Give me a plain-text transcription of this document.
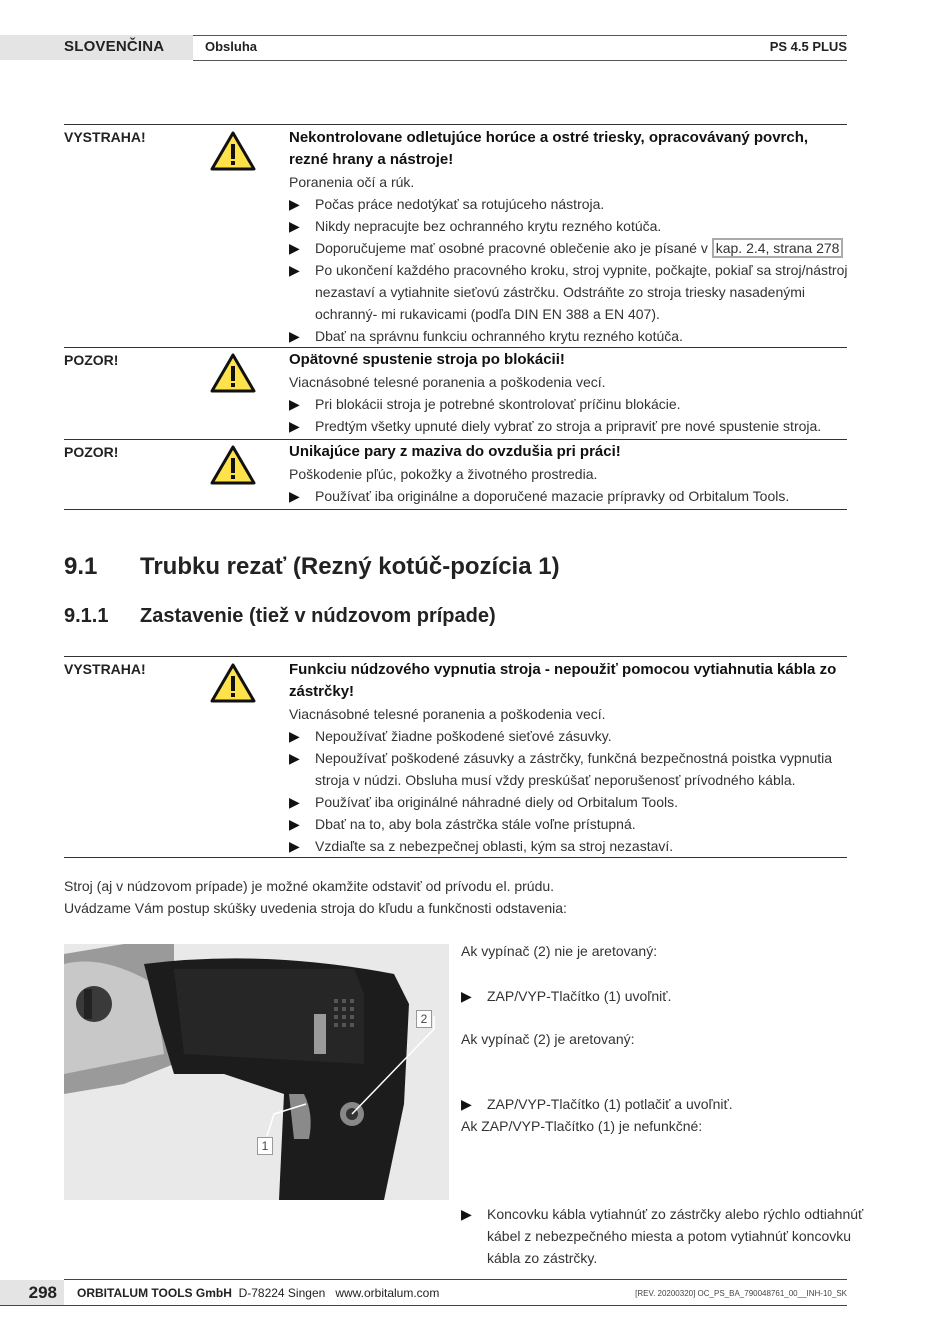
SLOVENČINA	Obsluha	PS 4.5 PLUS
VYSTRAHA!	Nekontrolovane odletujúce horúce a ostré triesky, opracovávaný povrch, rezné hrany a nástroje!
Poranenia očí a rúk.
▶ Počas práce nedotýkať sa rotujúceho nástroja.
▶ Nikdy nepracujte bez ochranného krytu rezného kotúča.
▶ Doporučujeme mať osobné pracovné oblečenie ako je písané v kap. 2.4, strana 278
▶ Po ukončení každého pracovného kroku, stroj vypnite, počkajte, pokiaľ sa stroj/nástroj nezastaví a vytiahnite sieťovú zástrčku. Odstráňte zo stroja triesky nasadenými ochranný- mi rukavicami (podľa DIN EN 388 a EN 407).
▶ Dbať na správnu funkciu ochranného krytu rezného kotúča.
POZOR!	Opätovné spustenie stroja po blokácii!
Viacnásobné telesné poranenia a poškodenia vecí.
▶ Pri blokácii stroja je potrebné skontrolovať príčinu blokácie.
▶ Predtým všetky upnuté diely vybrať zo stroja a pripraviť pre nové spustenie stroja.
POZOR!	Unikajúce pary z maziva do ovzdušia pri práci!
Poškodenie pľúc, pokožky a životného prostredia.
▶ Používať iba originálne a doporučené mazacie prípravky od Orbitalum Tools.
9.1 Trubku rezať (Rezný kotúč-pozícia 1)
9.1.1 Zastavenie (tiež v núdzovom prípade)
VYSTRAHA!	Funkciu núdzového vypnutia stroja - nepoužiť pomocou vytiahnutia kábla zo zástrčky!
Viacnásobné telesné poranenia a poškodenia vecí.
▶ Nepoužívať žiadne poškodené sieťové zásuvky.
▶ Nepoužívať poškodené zásuvky a zástrčky, funkčná bezpečnostná poistka vypnutia stroja v núdzi. Obsluha musí vždy preskúšať neporušenosť prívodného kábla.
▶ Používať iba originálné náhradné diely od Orbitalum Tools.
▶ Dbať na to, aby bola zástrčka stále voľne prístupná.
▶ Vzdiaľte sa z nebezpečnej oblasti, kým sa stroj nezastaví.
Stroj (aj v núdzovom prípade) je možné okamžite odstaviť od prívodu el. prúdu.
Uvádzame Vám postup skúšky uvedenia stroja do kľudu a funkčnosti odstavenia:
1
2
Ak vypínač (2) nie je aretovaný:
▶ ZAP/VYP-Tlačítko (1) uvoľniť.
Ak vypínač (2) je aretovaný:
▶ ZAP/VYP-Tlačítko (1) potlačiť a uvoľniť.
Ak ZAP/VYP-Tlačítko (1) je nefunkčné:
▶ Koncovku kábla vytiahnúť zo zástrčky alebo rýchlo odtiahnúť kábel z nebezpečného miesta a potom vytiahnúť koncovku kábla zo zástrčky.
298	ORBITALUM TOOLS GmbH D-78224 Singen www.orbitalum.com	[REV. 20200320] OC_PS_BA_790048761_00__INH-10_SK
